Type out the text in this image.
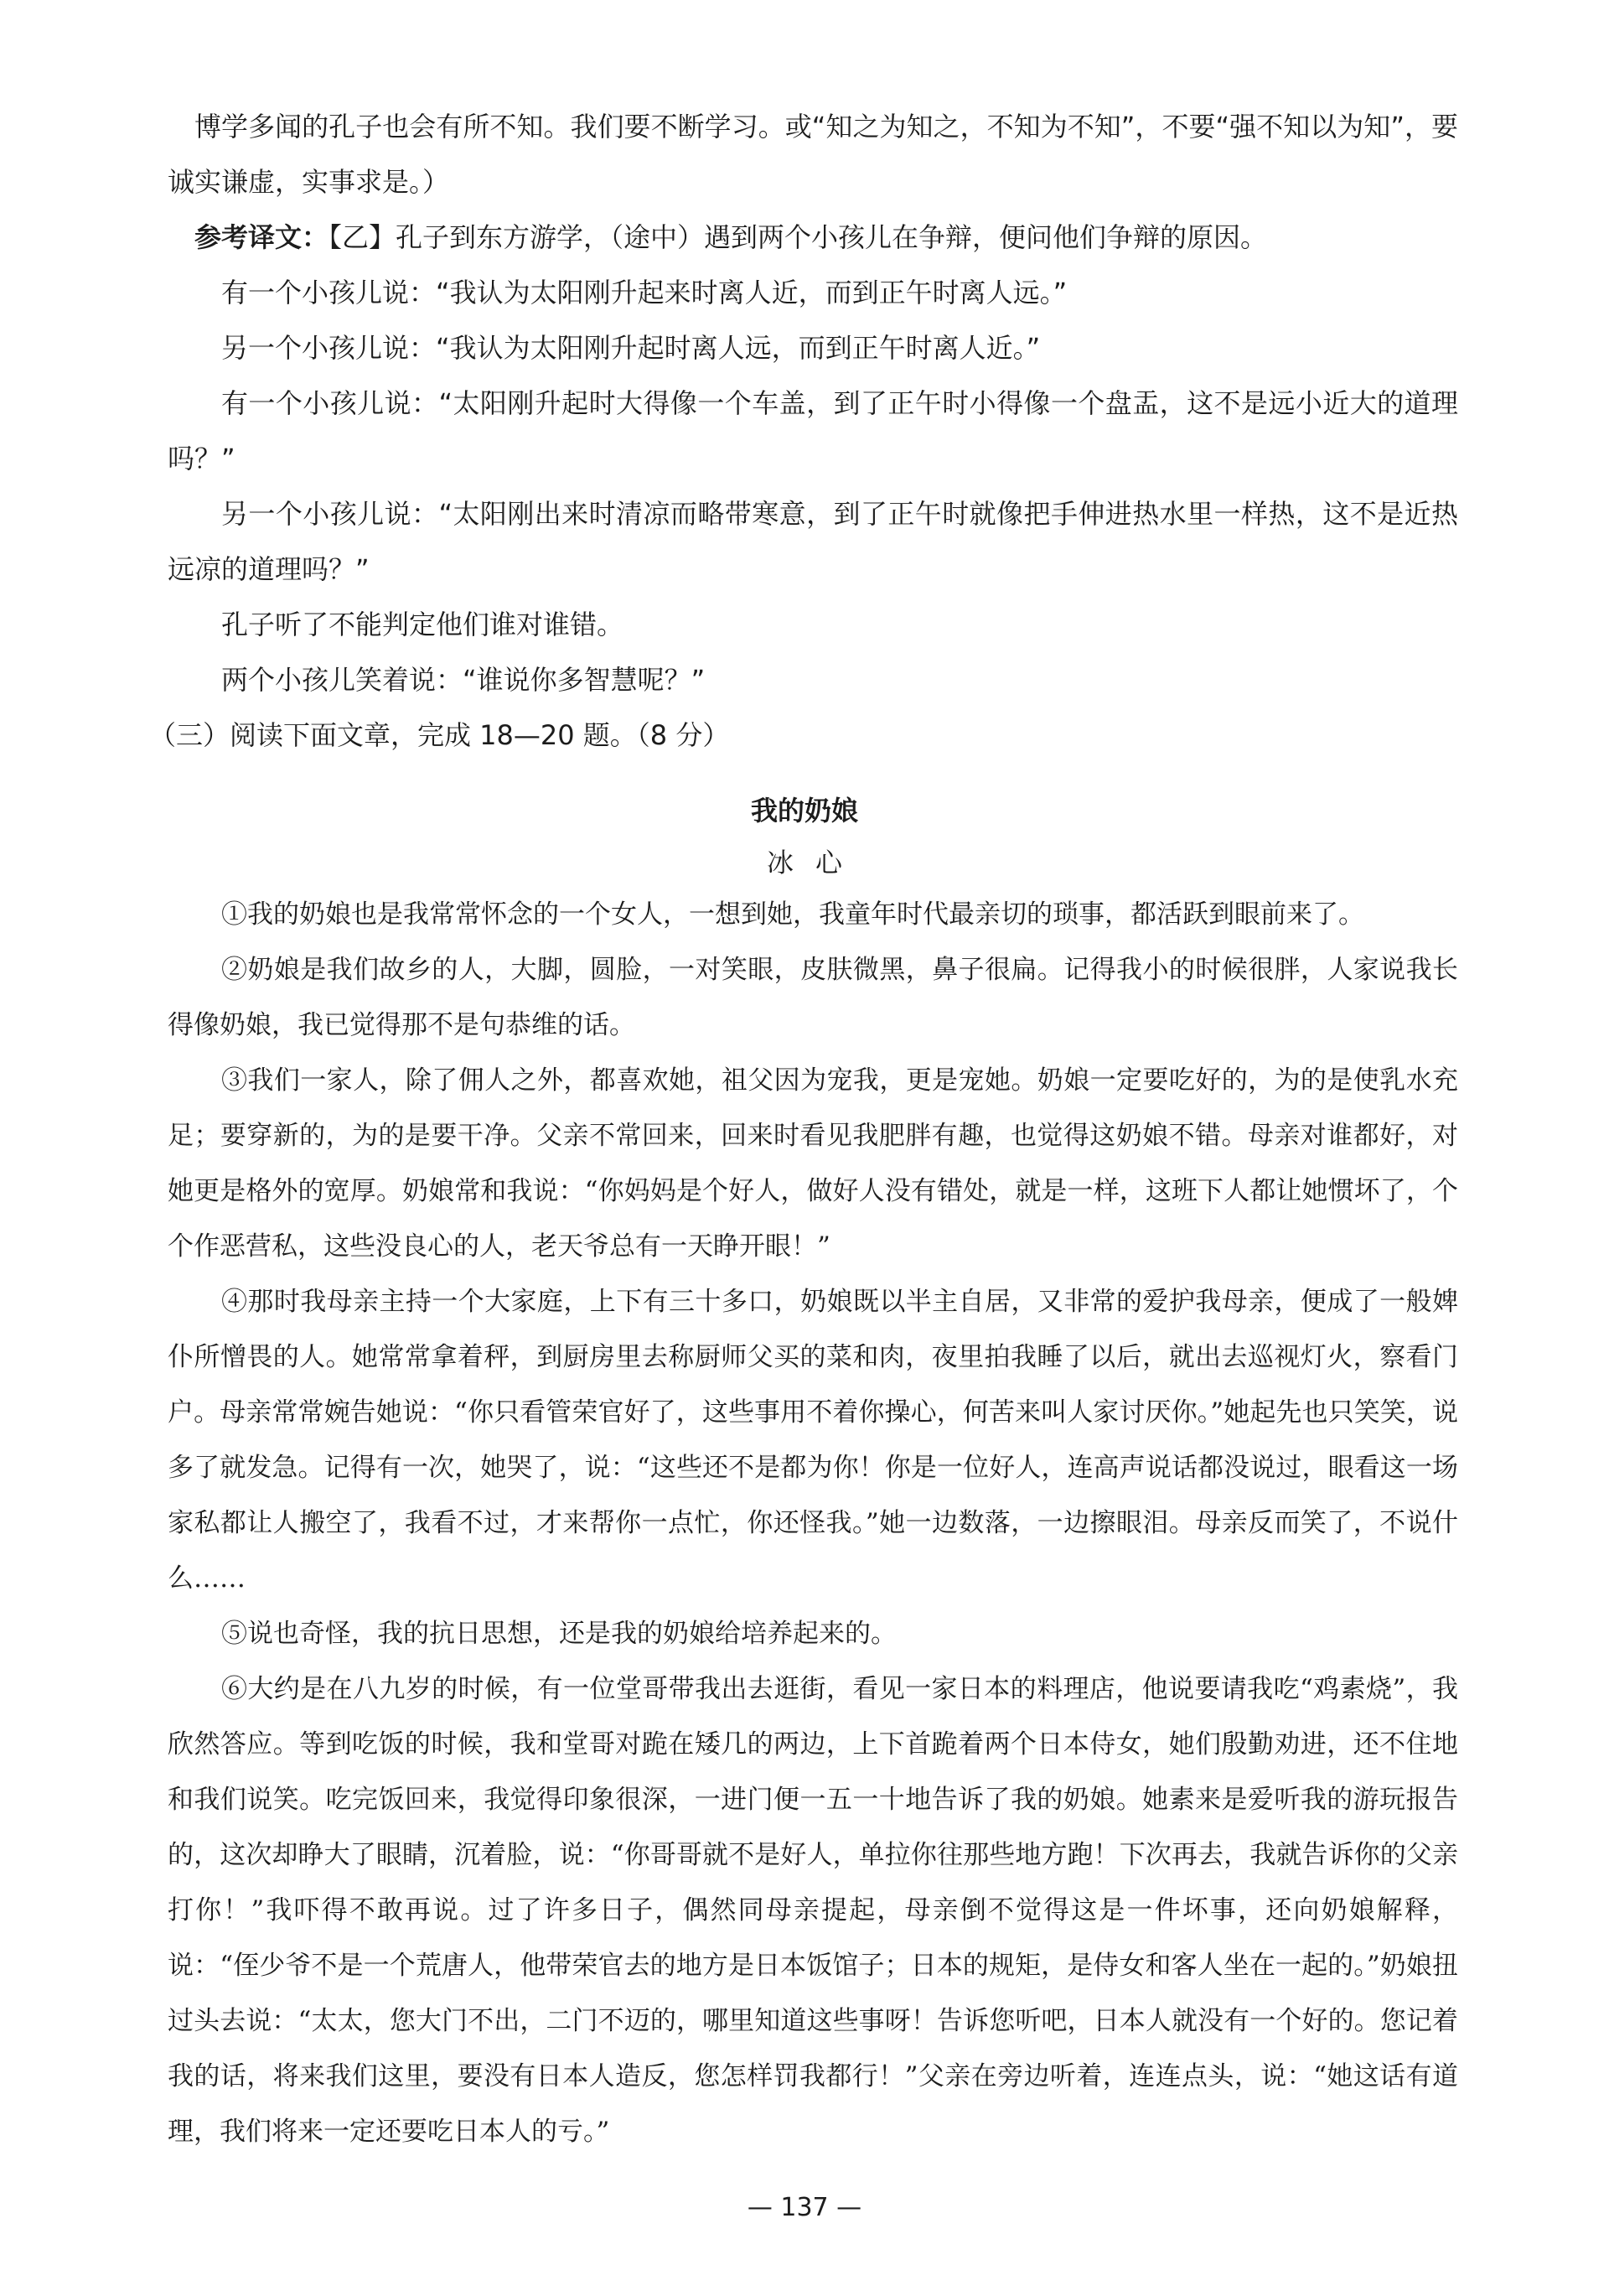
博学多闻的孔子也会有所不知。我们要不断学习。或“知之为知之，不知为不知”，不要“强不知以为知”，要诚实谦虚，实事求是。）

参考译文：【乙】孔子到东方游学，（途中）遇到两个小孩儿在争辩，便问他们争辩的原因。

有一个小孩儿说：“我认为太阳刚升起来时离人近，而到正午时离人远。”

另一个小孩儿说：“我认为太阳刚升起时离人远，而到正午时离人近。”

有一个小孩儿说：“太阳刚升起时大得像一个车盖，到了正午时小得像一个盘盂，这不是远小近大的道理吗？”

另一个小孩儿说：“太阳刚出来时清凉而略带寒意，到了正午时就像把手伸进热水里一样热，这不是近热远凉的道理吗？”

孔子听了不能判定他们谁对谁错。

两个小孩儿笑着说：“谁说你多智慧呢？”

（三）阅读下面文章，完成 18—20 题。（8 分）

我的奶娘
冰心

①我的奶娘也是我常常怀念的一个女人，一想到她，我童年时代最亲切的琐事，都活跃到眼前来了。

②奶娘是我们故乡的人，大脚，圆脸，一对笑眼，皮肤微黑，鼻子很扁。记得我小的时候很胖，人家说我长得像奶娘，我已觉得那不是句恭维的话。

③我们一家人，除了佣人之外，都喜欢她，祖父因为宠我，更是宠她。奶娘一定要吃好的，为的是使乳水充足；要穿新的，为的是要干净。父亲不常回来，回来时看见我肥胖有趣，也觉得这奶娘不错。母亲对谁都好，对她更是格外的宽厚。奶娘常和我说：“你妈妈是个好人，做好人没有错处，就是一样，这班下人都让她惯坏了，个个作恶营私，这些没良心的人，老天爷总有一天睁开眼！”

④那时我母亲主持一个大家庭，上下有三十多口，奶娘既以半主自居，又非常的爱护我母亲，便成了一般婢仆所憎畏的人。她常常拿着秤，到厨房里去称厨师父买的菜和肉，夜里拍我睡了以后，就出去巡视灯火，察看门户。母亲常常婉告她说：“你只看管荣官好了，这些事用不着你操心，何苦来叫人家讨厌你。”她起先也只笑笑，说多了就发急。记得有一次，她哭了，说：“这些还不是都为你！你是一位好人，连高声说话都没说过，眼看这一场家私都让人搬空了，我看不过，才来帮你一点忙，你还怪我。”她一边数落，一边擦眼泪。母亲反而笑了，不说什么……

⑤说也奇怪，我的抗日思想，还是我的奶娘给培养起来的。

⑥大约是在八九岁的时候，有一位堂哥带我出去逛街，看见一家日本的料理店，他说要请我吃“鸡素烧”，我欣然答应。等到吃饭的时候，我和堂哥对跪在矮几的两边，上下首跪着两个日本侍女，她们殷勤劝进，还不住地和我们说笑。吃完饭回来，我觉得印象很深，一进门便一五一十地告诉了我的奶娘。她素来是爱听我的游玩报告的，这次却睁大了眼睛，沉着脸，说：“你哥哥就不是好人，单拉你往那些地方跑！下次再去，我就告诉你的父亲打你！”我吓得不敢再说。过了许多日子，偶然同母亲提起，母亲倒不觉得这是一件坏事，还向奶娘解释，说：“侄少爷不是一个荒唐人，他带荣官去的地方是日本饭馆子；日本的规矩，是侍女和客人坐在一起的。”奶娘扭过头去说：“太太，您大门不出，二门不迈的，哪里知道这些事呀！告诉您听吧，日本人就没有一个好的。您记着我的话，将来我们这里，要没有日本人造反，您怎样罚我都行！”父亲在旁边听着，连连点头，说：“她这话有道理，我们将来一定还要吃日本人的亏。”

— 137 —
